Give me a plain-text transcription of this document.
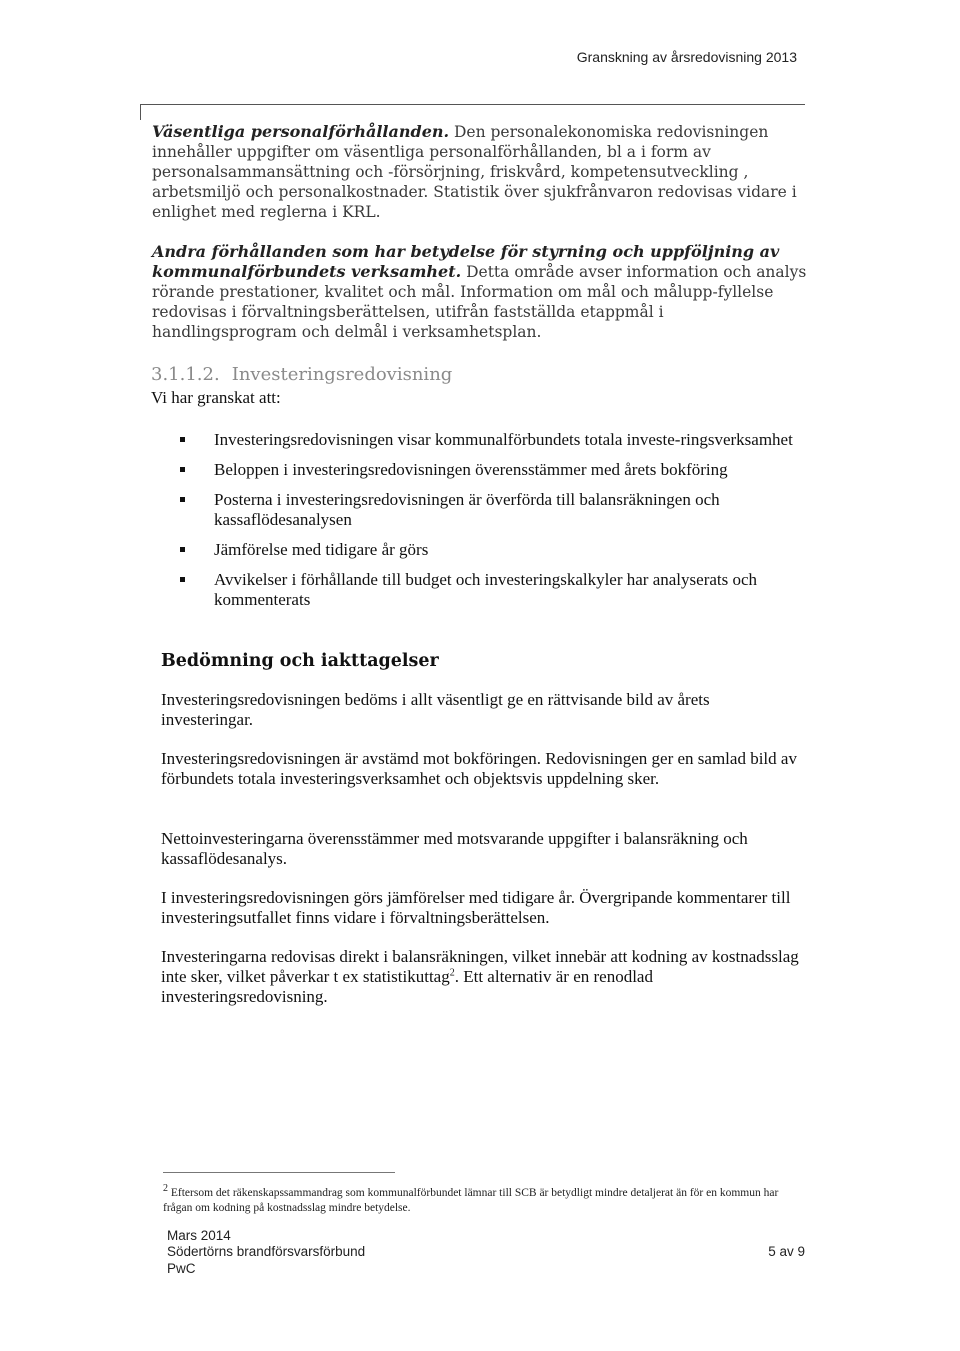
Granskning av årsredovisning 2013
Väsentliga personalförhållanden. Den personalekonomiska redovisningen innehåller uppgifter om väsentliga personalförhållanden, bl a i form av personalsammansättning och -försörjning, friskvård, kompetensutveckling , arbetsmiljö och personalkostnader. Statistik över sjukfrånvaron redovisas vidare i enlighet med reglerna i KRL.
Andra förhållanden som har betydelse för styrning och uppföljning av kommunalförbundets verksamhet. Detta område avser information och analys rörande prestationer, kvalitet och mål. Information om mål och målupp-fyllelse redovisas i förvaltningsberättelsen, utifrån fastställda etappmål i handlingsprogram och delmål i verksamhetsplan.
3.1.1.2. Investeringsredovisning
Vi har granskat att:
Investeringsredovisningen visar kommunalförbundets totala investe-ringsverksamhet
Beloppen i investeringsredovisningen överensstämmer med årets bokföring
Posterna i investeringsredovisningen är överförda till balansräkningen och kassaflödesanalysen
Jämförelse med tidigare år görs
Avvikelser i förhållande till budget och investeringskalkyler har analyserats och kommenterats
Bedömning och iakttagelser

Investeringsredovisningen bedöms i allt väsentligt ge en rättvisande bild av årets investeringar.

Investeringsredovisningen är avstämd mot bokföringen. Redovisningen ger en samlad bild av förbundets totala investeringsverksamhet och objektsvis uppdelning sker.

Nettoinvesteringarna överensstämmer med motsvarande uppgifter i balansräkning och kassaflödesanalys.

I investeringsredovisningen görs jämförelser med tidigare år. Övergripande kommentarer till investeringsutfallet finns vidare i förvaltningsberättelsen.

Investeringarna redovisas direkt i balansräkningen, vilket innebär att kodning av kostnadsslag inte sker, vilket påverkar t ex statistikuttag$^2$. Ett alternativ är en renodlad investeringsredovisning.

$^2$ Eftersom det räkenskapssammandrag som kommunalförbundet lämnar till SCB är betydligt mindre detaljerat än för en kommun har frågan om kodning på kostnadsslag mindre betydelse.
Mars 2014
Södertörns brandförsvarsförbund
PwC
5 av 9
